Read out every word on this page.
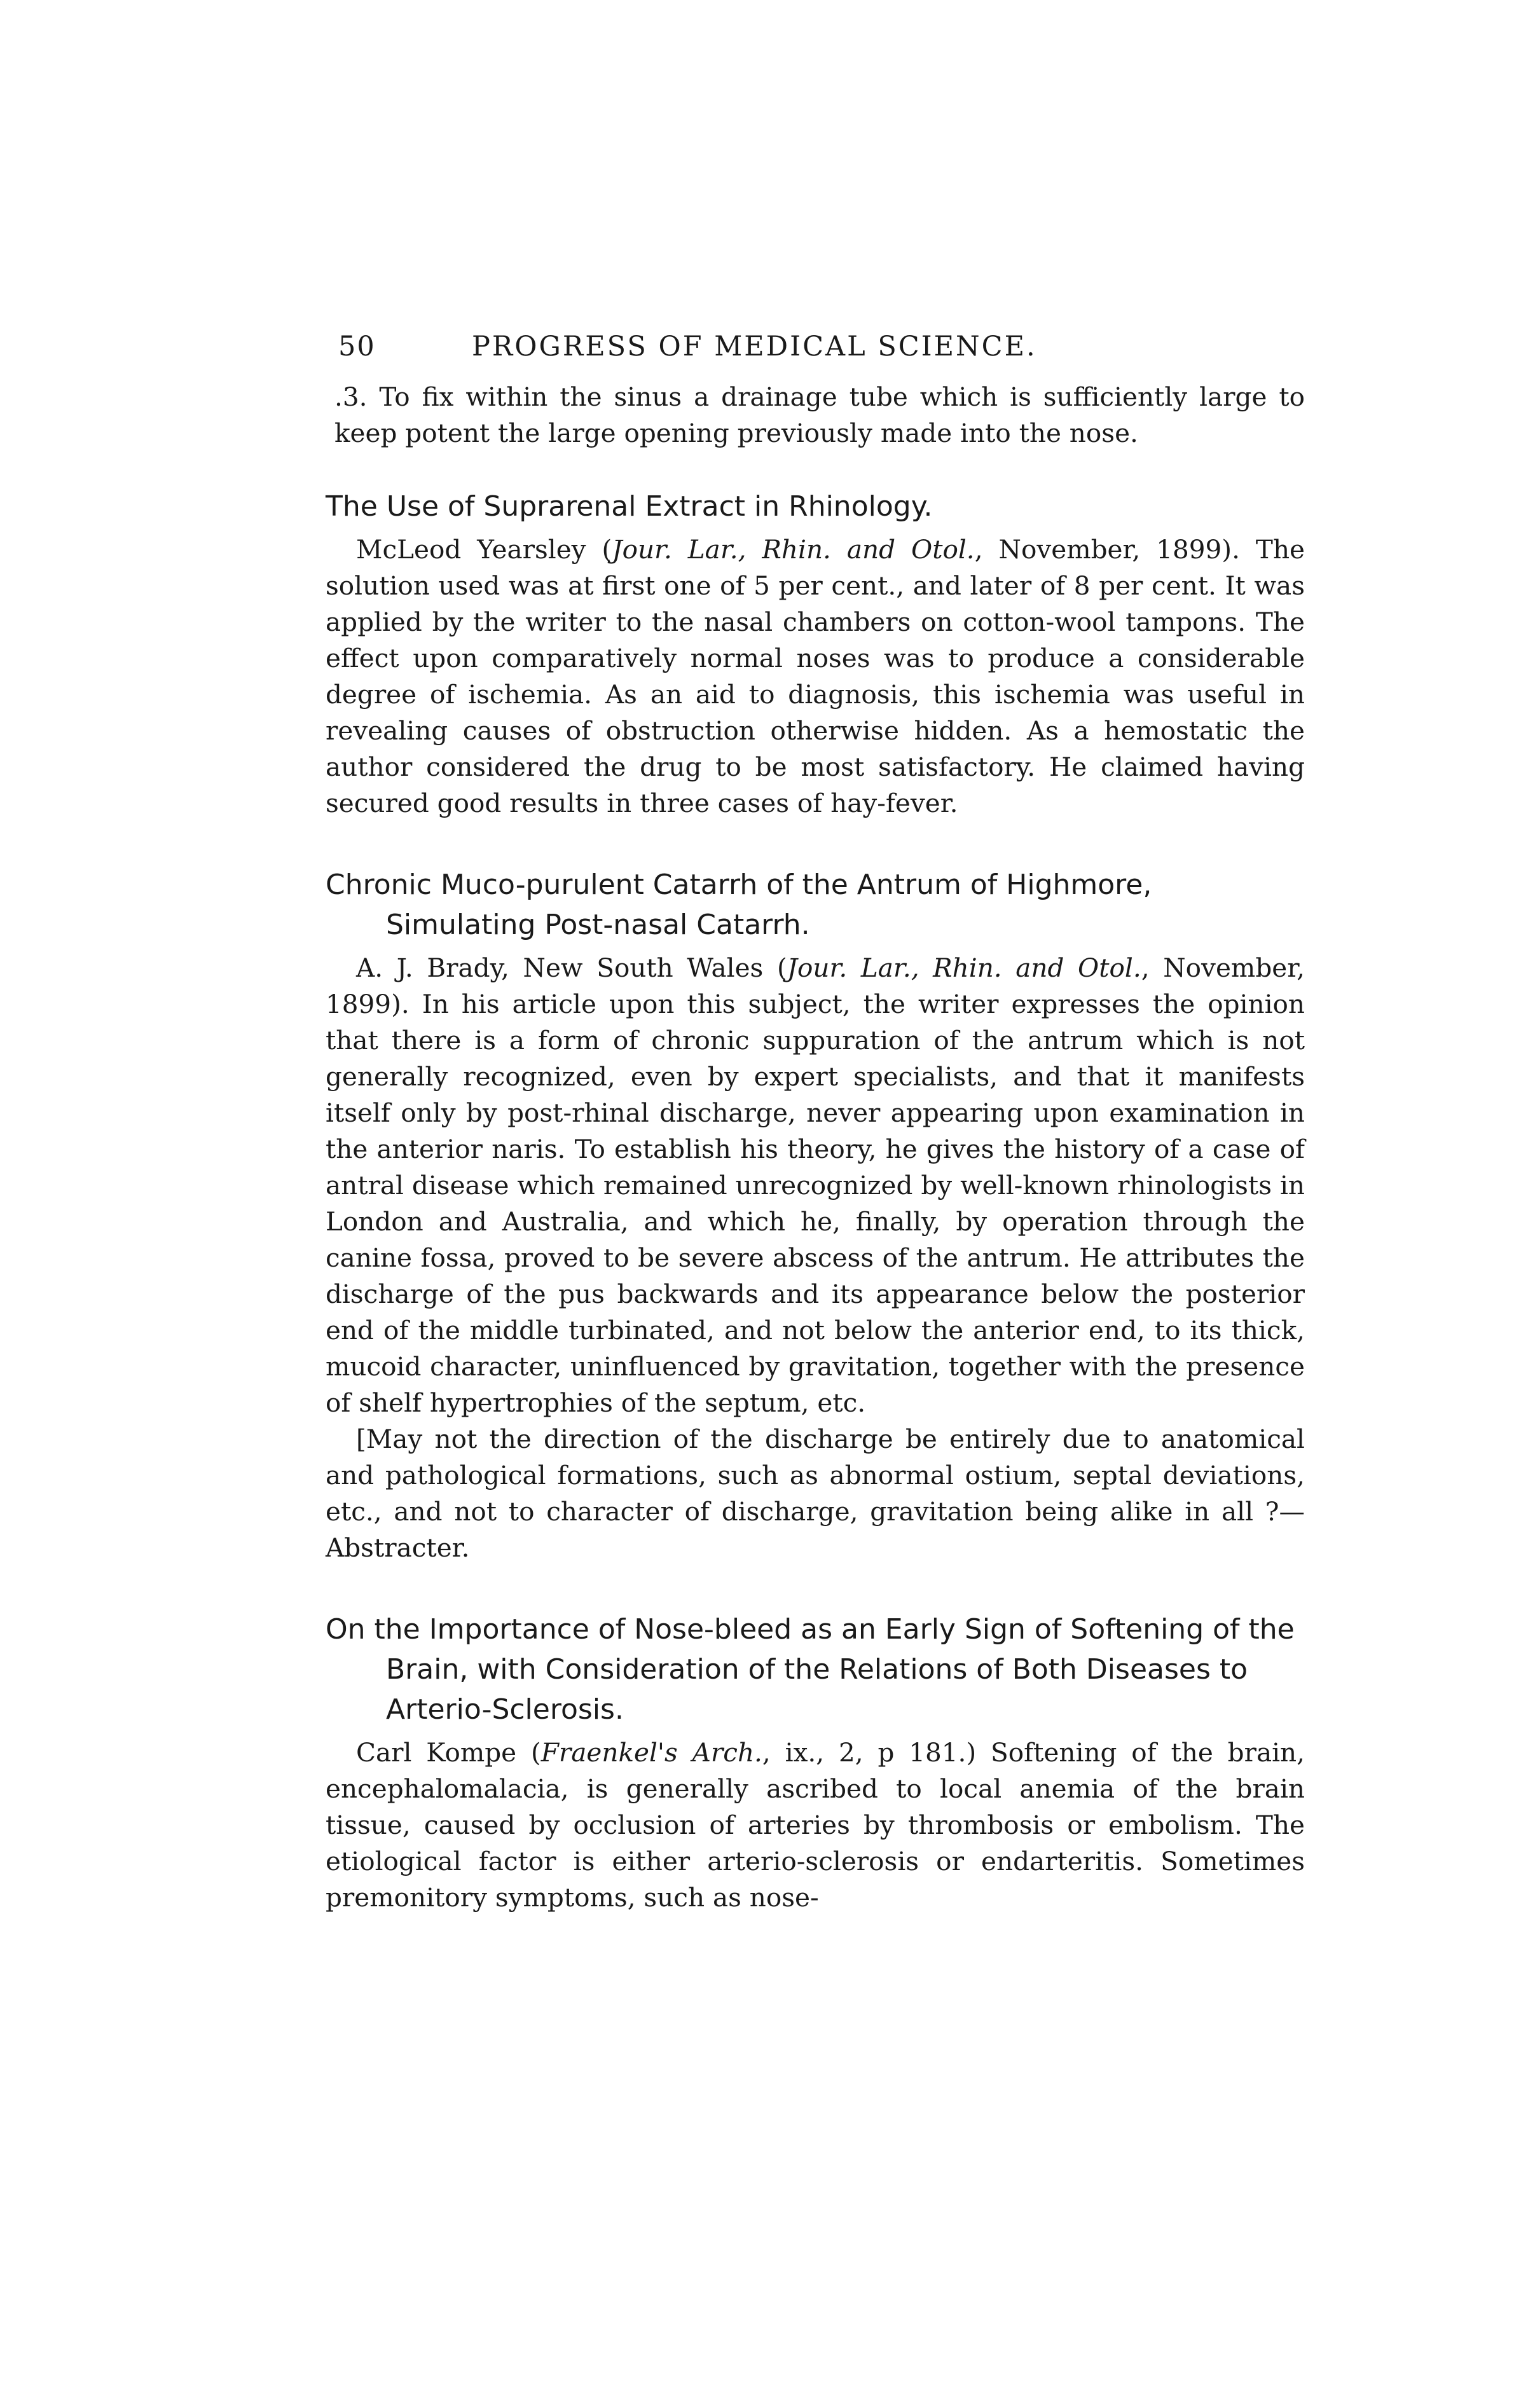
50	PROGRESS OF MEDICAL SCIENCE.

.3. To fix within the sinus a drainage tube which is sufficiently large to keep potent the large opening previously made into the nose.

The Use of Suprarenal Extract in Rhinology.

McLeod Yearsley (Jour. Lar., Rhin. and Otol., November, 1899). The solution used was at first one of 5 per cent., and later of 8 per cent. It was applied by the writer to the nasal chambers on cotton-wool tampons. The effect upon comparatively normal noses was to produce a considerable degree of ischemia. As an aid to diagnosis, this ischemia was useful in revealing causes of obstruction otherwise hidden. As a hemostatic the author considered the drug to be most satisfactory. He claimed having secured good results in three cases of hay-fever.

Chronic Muco-purulent Catarrh of the Antrum of Highmore, Simulating Post-nasal Catarrh.

A. J. Brady, New South Wales (Jour. Lar., Rhin. and Otol., November, 1899). In his article upon this subject, the writer expresses the opinion that there is a form of chronic suppuration of the antrum which is not generally recognized, even by expert specialists, and that it manifests itself only by post-rhinal discharge, never appearing upon examination in the anterior naris. To establish his theory, he gives the history of a case of antral disease which remained unrecognized by well-known rhinologists in London and Australia, and which he, finally, by operation through the canine fossa, proved to be severe abscess of the antrum. He attributes the discharge of the pus backwards and its appearance below the posterior end of the middle turbinated, and not below the anterior end, to its thick, mucoid character, uninfluenced by gravitation, together with the presence of shelf hypertrophies of the septum, etc.

[May not the direction of the discharge be entirely due to anatomical and pathological formations, such as abnormal ostium, septal deviations, etc., and not to character of discharge, gravitation being alike in all ?—Abstracter.

On the Importance of Nose-bleed as an Early Sign of Softening of the Brain, with Consideration of the Relations of Both Diseases to Arterio-Sclerosis.

Carl Kompe (Fraenkel's Arch., ix., 2, p 181.) Softening of the brain, encephalomalacia, is generally ascribed to local anemia of the brain tissue, caused by occlusion of arteries by thrombosis or embolism. The etiological factor is either arterio-sclerosis or endarteritis. Sometimes premonitory symptoms, such as nose-
